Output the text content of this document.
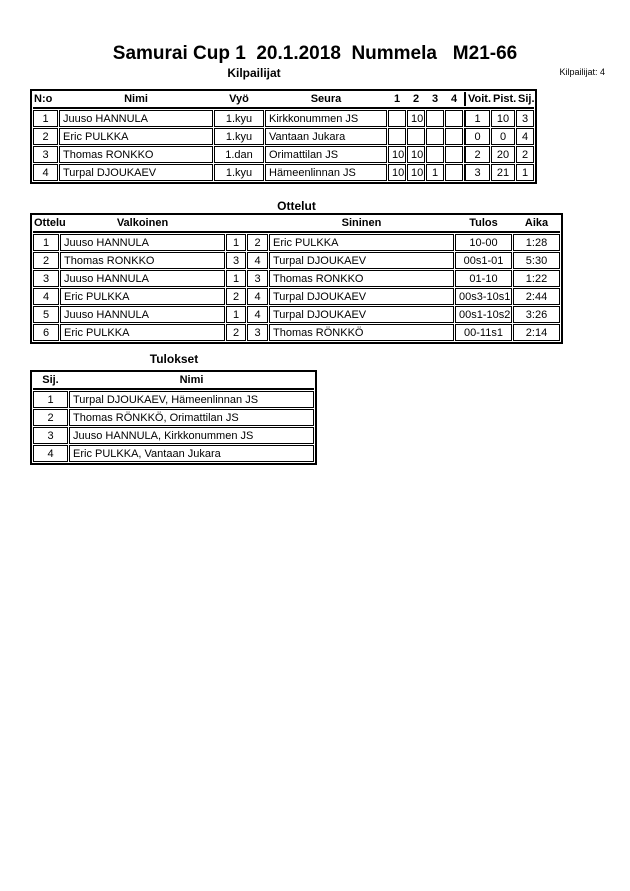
Samurai Cup 1  20.1.2018  Nummela   M21-66
Kilpailijat	Kilpailijat: 4
N:o	Nimi	Vyö	Seura	1	2	3	4	Voit.	Pist.	Sij.

1	Juuso HANNULA	1.kyu	Kirkkonummen JS		10			1	10	3
2	Eric PULKKA	1.kyu	Vantaan Jukara					0	0	4
3	Thomas RONKKO	1.dan	Orimattilan JS	10	10			2	20	2
4	Turpal DJOUKAEV	1.kyu	Hämeenlinnan JS	10	10	1		3	21	1
Ottelut
Ottelu	Valkoinen			Sininen	Tulos	Aika

1	Juuso HANNULA	1	2	Eric PULKKA	10-00	1:28
2	Thomas RONKKO	3	4	Turpal DJOUKAEV	00s1-01	5:30
3	Juuso HANNULA	1	3	Thomas RONKKO	01-10	1:22
4	Eric PULKKA	2	4	Turpal DJOUKAEV	00s3-10s1	2:44
5	Juuso HANNULA	1	4	Turpal DJOUKAEV	00s1-10s2	3:26
6	Eric PULKKA	2	3	Thomas RÖNKKÖ	00-11s1	2:14
Tulokset
Sij.	Nimi

1	Turpal DJOUKAEV, Hämeenlinnan JS
2	Thomas RÖNKKÖ, Orimattilan JS
3	Juuso HANNULA, Kirkkonummen JS
4	Eric PULKKA, Vantaan Jukara
